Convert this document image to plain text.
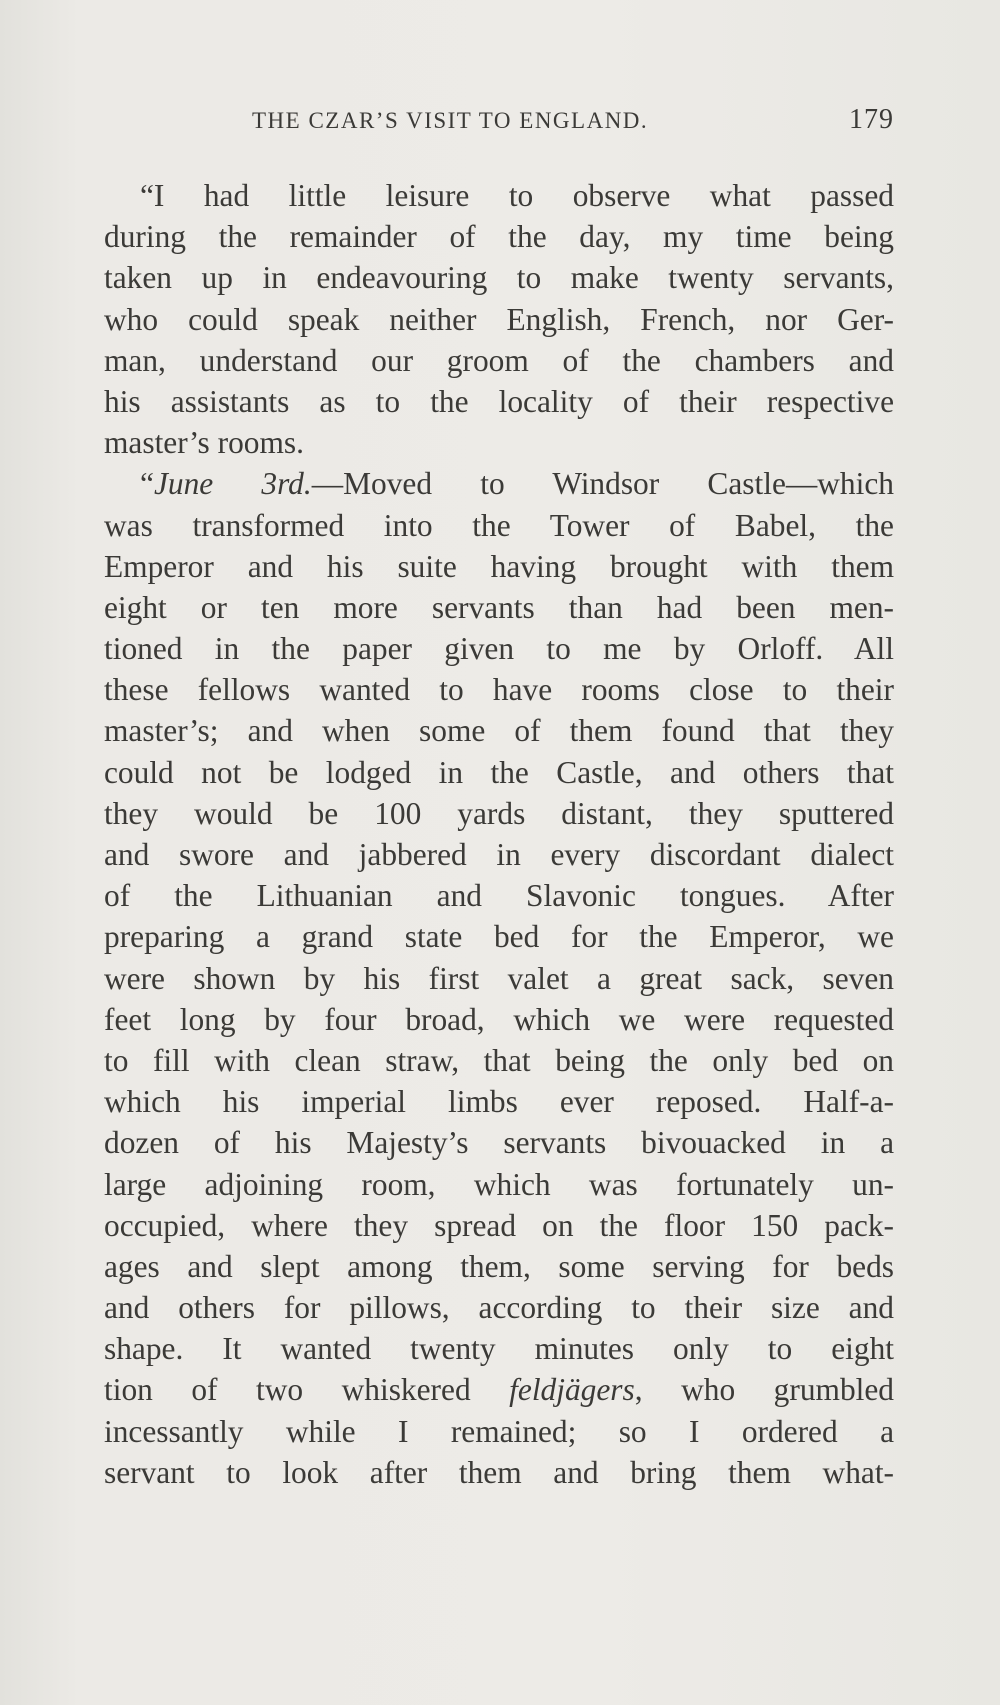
THE CZAR’S VISIT TO ENGLAND.	179
“I had little leisure to observe what passed
during the remainder of the day, my time being
taken up in endeavouring to make twenty servants,
who could speak neither English, French, nor Ger-
man, understand our groom of the chambers and
his assistants as to the locality of their respective
master’s rooms.
“June 3rd.—Moved to Windsor Castle—which
was transformed into the Tower of Babel, the
Emperor and his suite having brought with them
eight or ten more servants than had been men-
tioned in the paper given to me by Orloff. All
these fellows wanted to have rooms close to their
master’s; and when some of them found that they
could not be lodged in the Castle, and others that
they would be 100 yards distant, they sputtered
and swore and jabbered in every discordant dialect
of the Lithuanian and Slavonic tongues. After
preparing a grand state bed for the Emperor, we
were shown by his first valet a great sack, seven
feet long by four broad, which we were requested
to fill with clean straw, that being the only bed on
which his imperial limbs ever reposed. Half-a-
dozen of his Majesty’s servants bivouacked in a
large adjoining room, which was fortunately un-
occupied, where they spread on the floor 150 pack-
ages and slept among them, some serving for beds
and others for pillows, according to their size and
shape. It wanted twenty minutes only to eight
tion of two whiskered feldjägers, who grumbled
incessantly while I remained; so I ordered a
servant to look after them and bring them what-
